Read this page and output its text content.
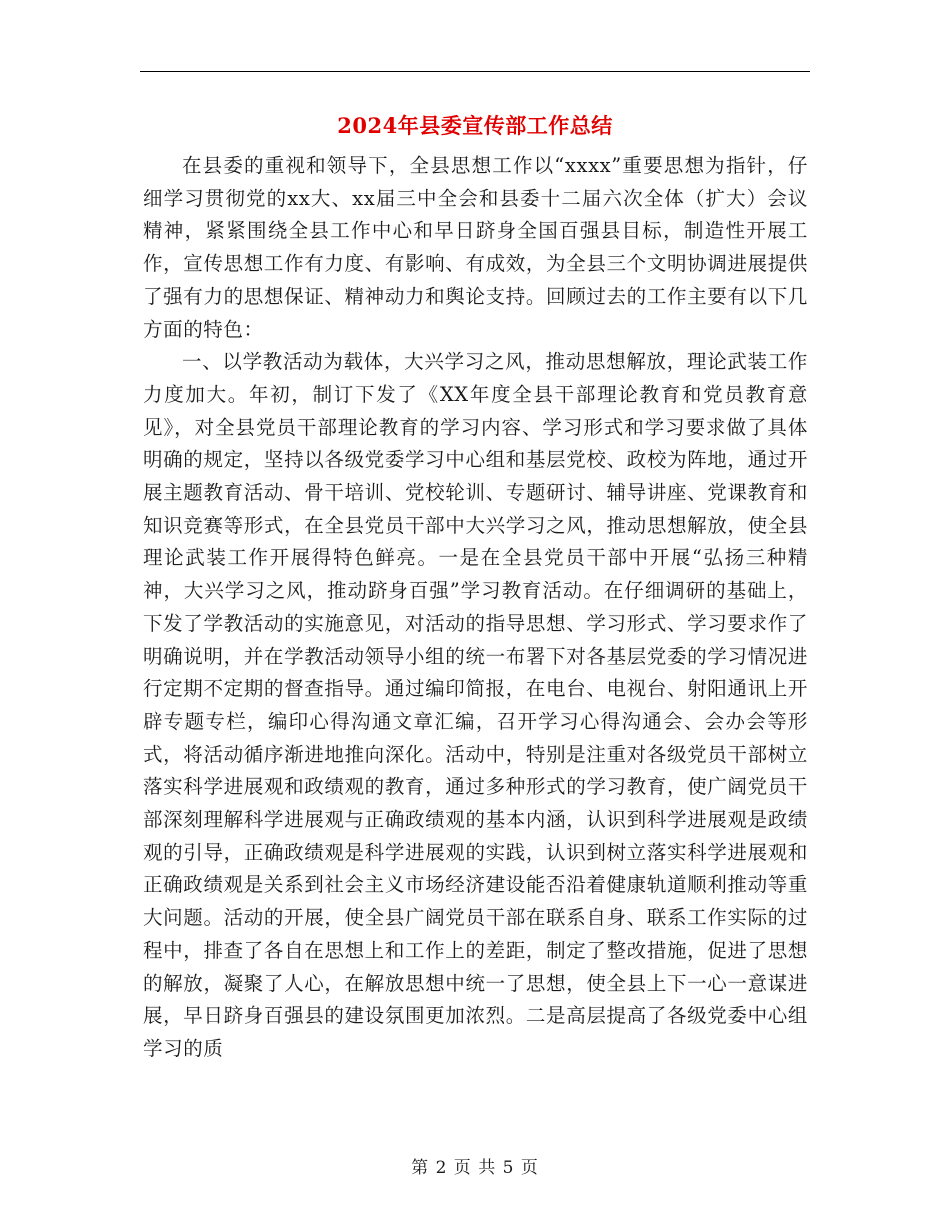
2024年县委宣传部工作总结

在县委的重视和领导下，全县思想工作以“xxxx”重要思想为指针，仔细学习贯彻党的xx大、xx届三中全会和县委十二届六次全体（扩大）会议精神，紧紧围绕全县工作中心和早日跻身全国百强县目标，制造性开展工作，宣传思想工作有力度、有影响、有成效，为全县三个文明协调进展提供了强有力的思想保证、精神动力和舆论支持。回顾过去的工作主要有以下几方面的特色：

一、以学教活动为载体，大兴学习之风，推动思想解放，理论武装工作力度加大。年初，制订下发了《XX年度全县干部理论教育和党员教育意见》，对全县党员干部理论教育的学习内容、学习形式和学习要求做了具体明确的规定，坚持以各级党委学习中心组和基层党校、政校为阵地，通过开展主题教育活动、骨干培训、党校轮训、专题研讨、辅导讲座、党课教育和知识竞赛等形式，在全县党员干部中大兴学习之风，推动思想解放，使全县理论武装工作开展得特色鲜亮。一是在全县党员干部中开展“弘扬三种精神，大兴学习之风，推动跻身百强”学习教育活动。在仔细调研的基础上，下发了学教活动的实施意见，对活动的指导思想、学习形式、学习要求作了明确说明，并在学教活动领导小组的统一布署下对各基层党委的学习情况进行定期不定期的督查指导。通过编印简报，在电台、电视台、射阳通讯上开辟专题专栏，编印心得沟通文章汇编，召开学习心得沟通会、会办会等形式，将活动循序渐进地推向深化。活动中，特别是注重对各级党员干部树立落实科学进展观和政绩观的教育，通过多种形式的学习教育，使广阔党员干部深刻理解科学进展观与正确政绩观的基本内涵，认识到科学进展观是政绩观的引导，正确政绩观是科学进展观的实践，认识到树立落实科学进展观和正确政绩观是关系到社会主义市场经济建设能否沿着健康轨道顺利推动等重大问题。活动的开展，使全县广阔党员干部在联系自身、联系工作实际的过程中，排查了各自在思想上和工作上的差距，制定了整改措施，促进了思想的解放，凝聚了人心，在解放思想中统一了思想，使全县上下一心一意谋进展，早日跻身百强县的建设氛围更加浓烈。二是高层提高了各级党委中心组学习的质

第 2 页 共 5 页
